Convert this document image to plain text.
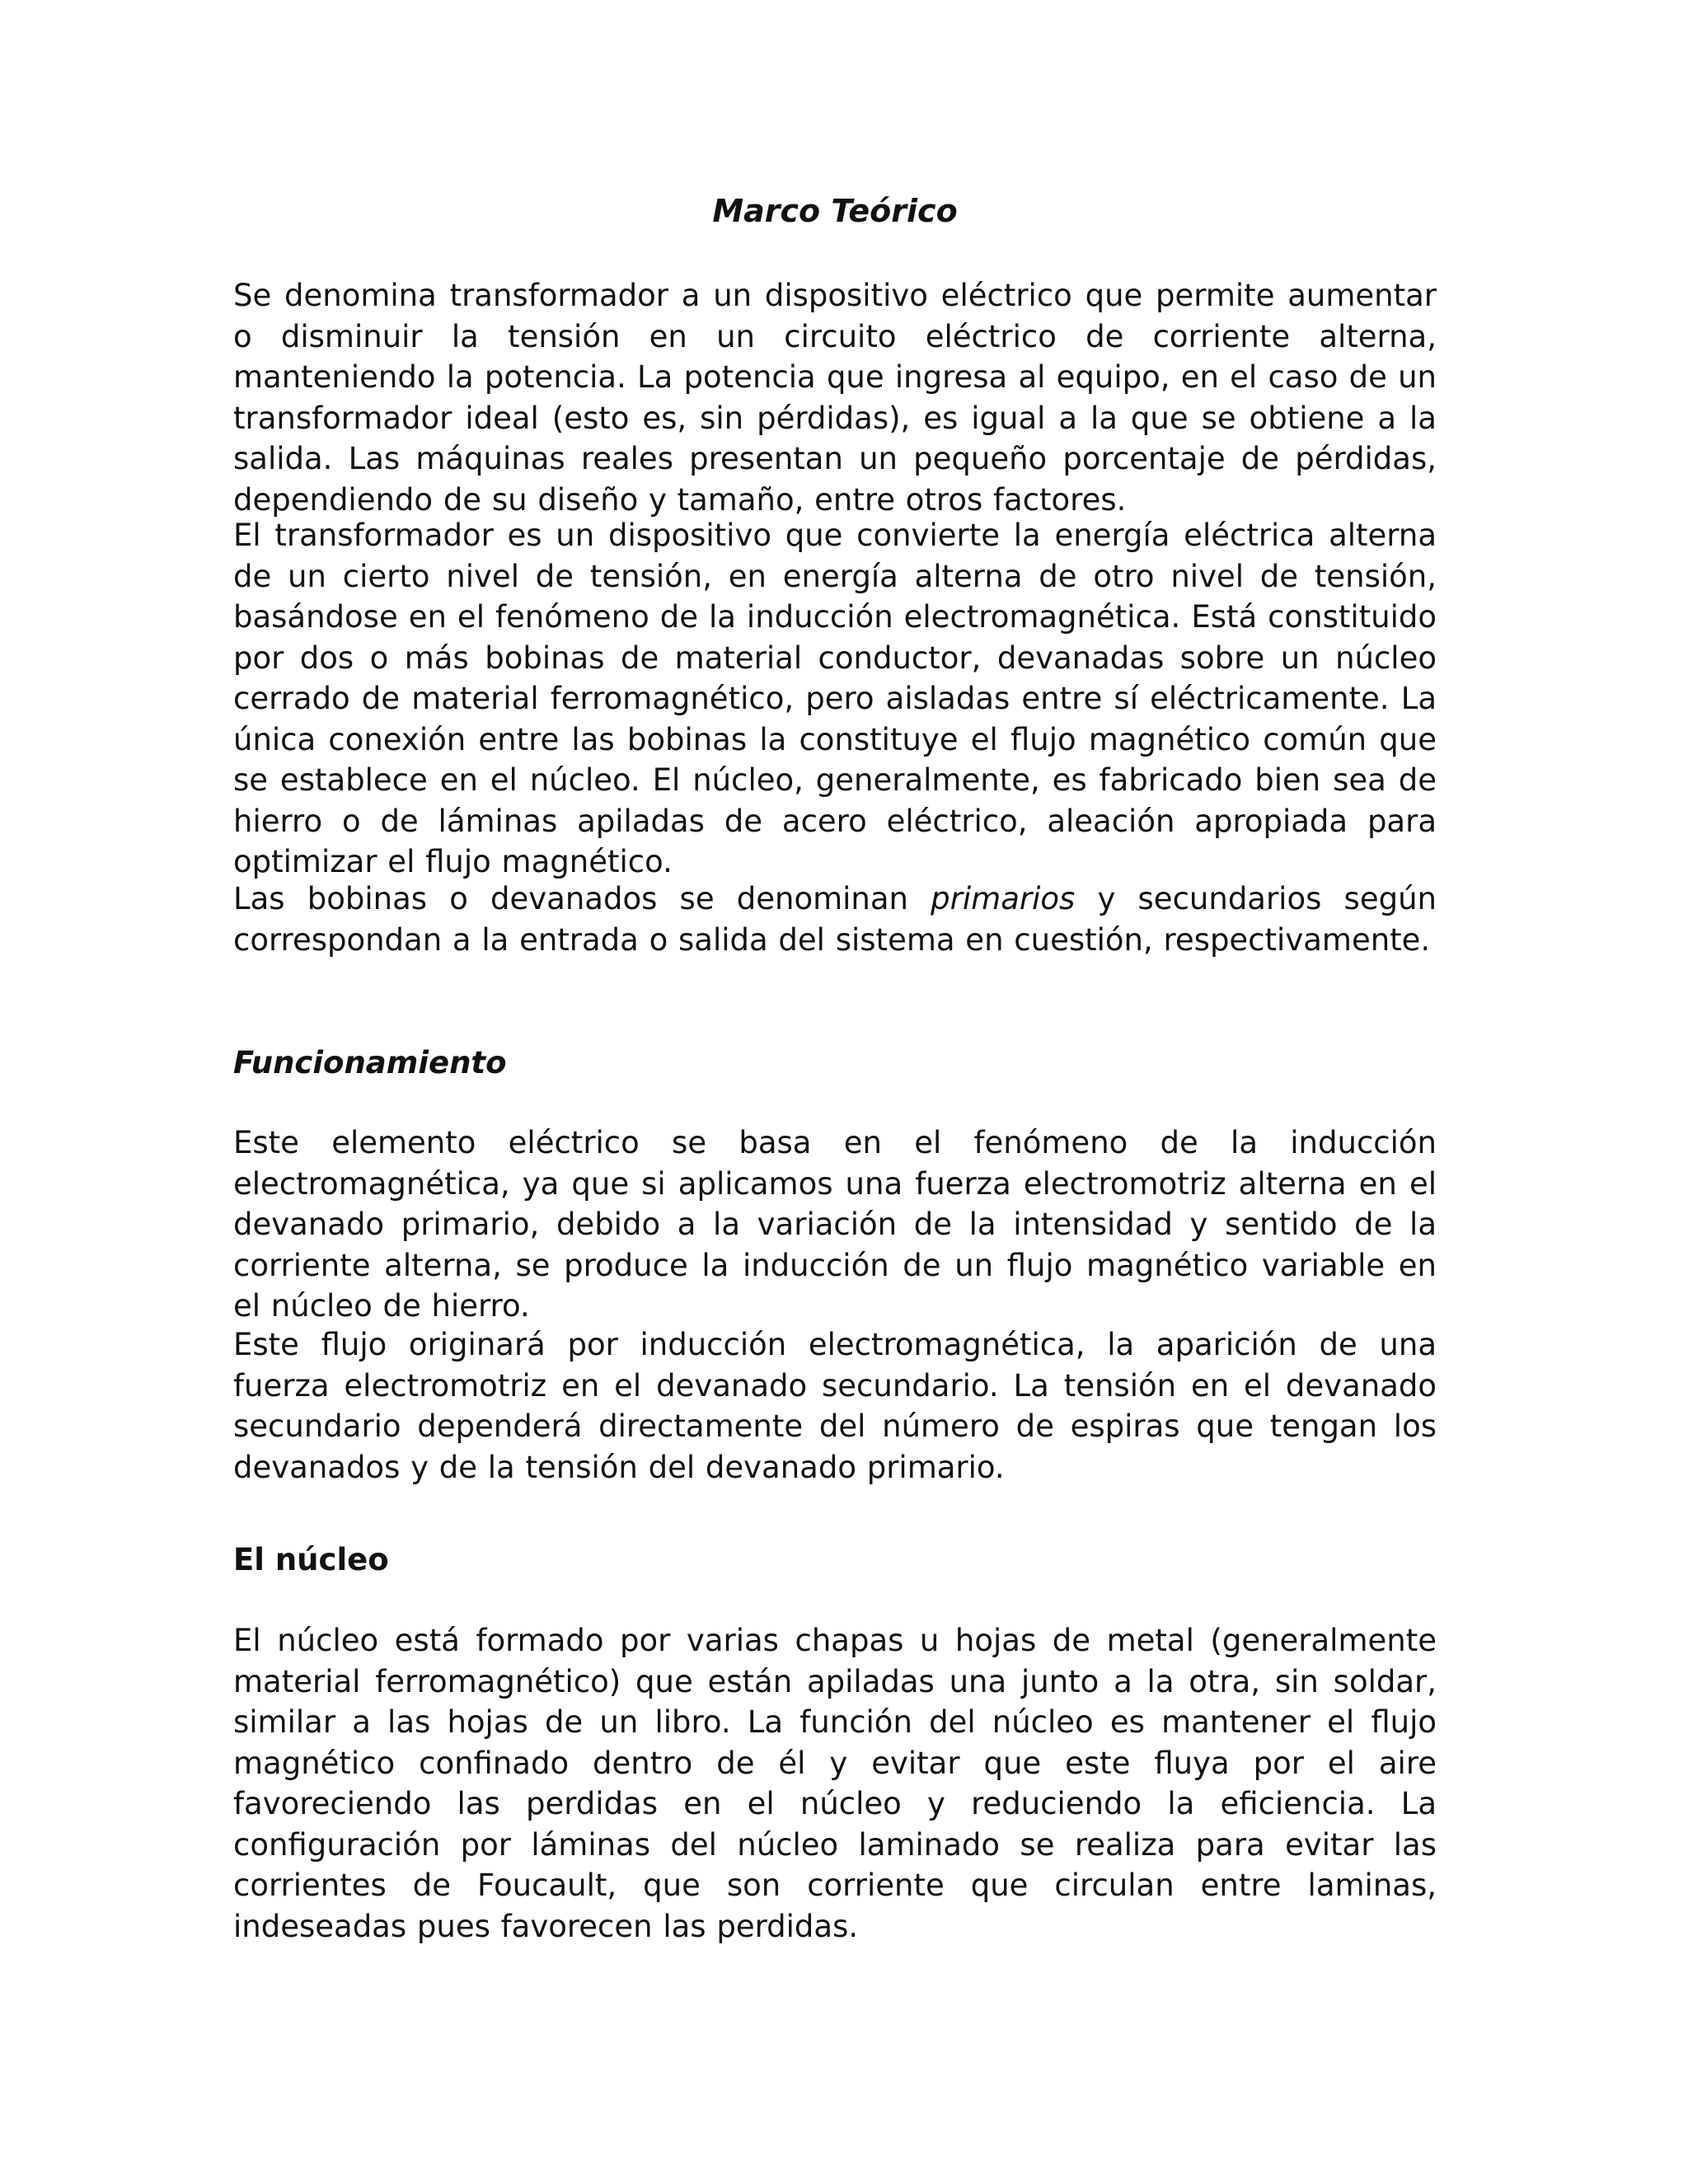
Marco Teórico

Se denomina transformador a un dispositivo eléctrico que permite aumentar o disminuir la tensión en un circuito eléctrico de corriente alterna, manteniendo la potencia. La potencia que ingresa al equipo, en el caso de un transformador ideal (esto es, sin pérdidas), es igual a la que se obtiene a la salida. Las máquinas reales presentan un pequeño porcentaje de pérdidas, dependiendo de su diseño y tamaño, entre otros factores.

El transformador es un dispositivo que convierte la energía eléctrica alterna de un cierto nivel de tensión, en energía alterna de otro nivel de tensión, basándose en el fenómeno de la inducción electromagnética. Está constituido por dos o más bobinas de material conductor, devanadas sobre un núcleo cerrado de material ferromagnético, pero aisladas entre sí eléctricamente. La única conexión entre las bobinas la constituye el flujo magnético común que se establece en el núcleo. El núcleo, generalmente, es fabricado bien sea de hierro o de láminas apiladas de acero eléctrico, aleación apropiada para optimizar el flujo magnético.

Las bobinas o devanados se denominan primarios y secundarios según correspondan a la entrada o salida del sistema en cuestión, respectivamente.

Funcionamiento

Este elemento eléctrico se basa en el fenómeno de la inducción electromagnética, ya que si aplicamos una fuerza electromotriz alterna en el devanado primario, debido a la variación de la intensidad y sentido de la corriente alterna, se produce la inducción de un flujo magnético variable en el núcleo de hierro.

Este flujo originará por inducción electromagnética, la aparición de una fuerza electromotriz en el devanado secundario. La tensión en el devanado secundario dependerá directamente del número de espiras que tengan los devanados y de la tensión del devanado primario.

El núcleo

El núcleo está formado por varias chapas u hojas de metal (generalmente material ferromagnético) que están apiladas una junto a la otra, sin soldar, similar a las hojas de un libro. La función del núcleo es mantener el flujo magnético confinado dentro de él y evitar que este fluya por el aire favoreciendo las perdidas en el núcleo y reduciendo la eficiencia. La configuración por láminas del núcleo laminado se realiza para evitar las corrientes de Foucault, que son corriente que circulan entre laminas, indeseadas pues favorecen las perdidas.
